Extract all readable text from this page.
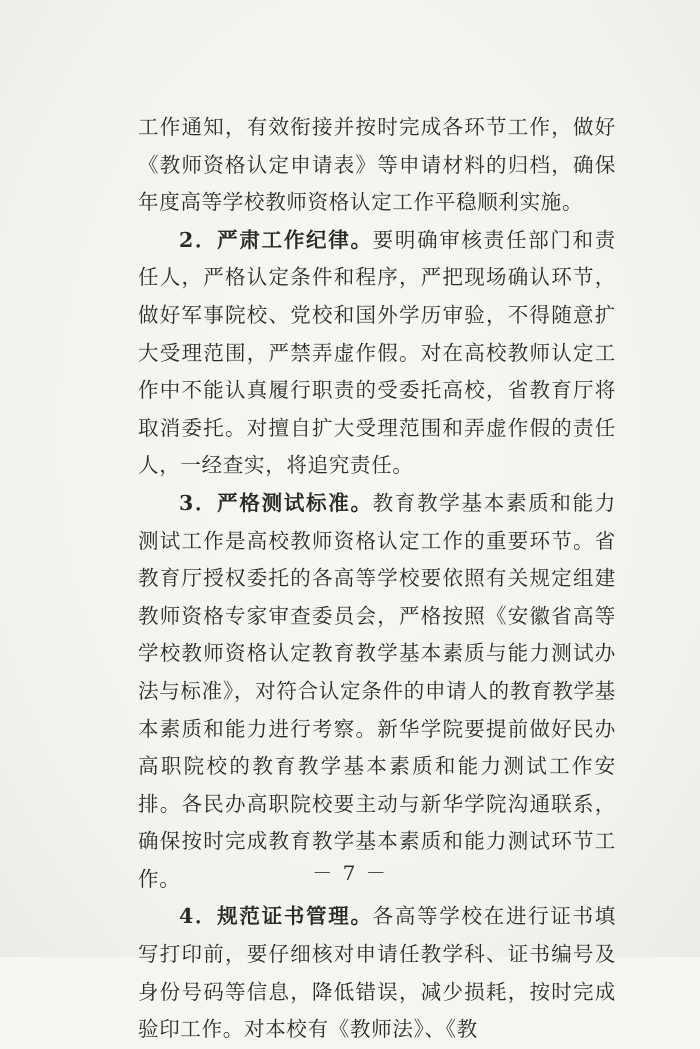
工作通知，有效衔接并按时完成各环节工作，做好《教师资格认定申请表》等申请材料的归档，确保年度高等学校教师资格认定工作平稳顺利实施。

2．严肃工作纪律。要明确审核责任部门和责任人，严格认定条件和程序，严把现场确认环节，做好军事院校、党校和国外学历审验，不得随意扩大受理范围，严禁弄虚作假。对在高校教师认定工作中不能认真履行职责的受委托高校，省教育厅将取消委托。对擅自扩大受理范围和弄虚作假的责任人，一经查实，将追究责任。

3．严格测试标准。教育教学基本素质和能力测试工作是高校教师资格认定工作的重要环节。省教育厅授权委托的各高等学校要依照有关规定组建教师资格专家审查委员会，严格按照《安徽省高等学校教师资格认定教育教学基本素质与能力测试办法与标准》，对符合认定条件的申请人的教育教学基本素质和能力进行考察。新华学院要提前做好民办高职院校的教育教学基本素质和能力测试工作安排。各民办高职院校要主动与新华学院沟通联系，确保按时完成教育教学基本素质和能力测试环节工作。

4．规范证书管理。各高等学校在进行证书填写打印前，要仔细核对申请任教学科、证书编号及身份号码等信息，降低错误，减少损耗，按时完成验印工作。对本校有《教师法》、《教

－ 7 －
